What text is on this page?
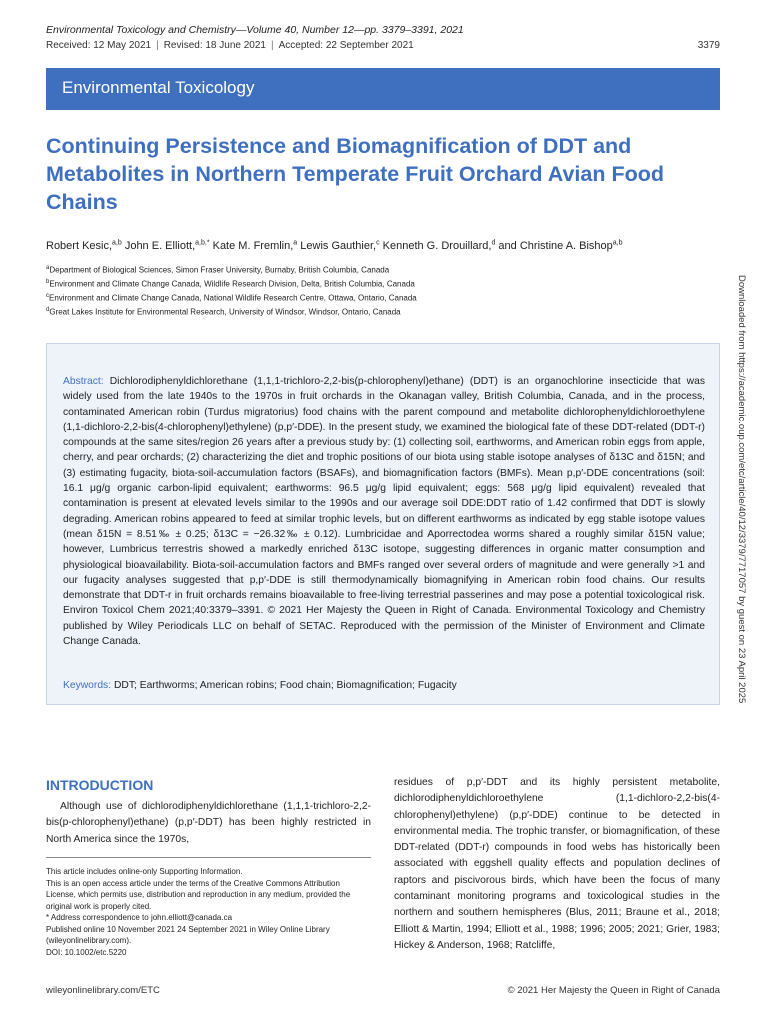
Environmental Toxicology and Chemistry—Volume 40, Number 12—pp. 3379–3391, 2021
Received: 12 May 2021 | Revised: 18 June 2021 | Accepted: 22 September 2021	3379
Environmental Toxicology
Continuing Persistence and Biomagnification of DDT and Metabolites in Northern Temperate Fruit Orchard Avian Food Chains
Robert Kesic,$^{a,b}$ John E. Elliott,$^{a,b,*}$ Kate M. Fremlin,$^a$ Lewis Gauthier,$^c$ Kenneth G. Drouillard,$^d$ and Christine A. Bishop$^{a,b}$
$^a$Department of Biological Sciences, Simon Fraser University, Burnaby, British Columbia, Canada
$^b$Environment and Climate Change Canada, Wildlife Research Division, Delta, British Columbia, Canada
$^c$Environment and Climate Change Canada, National Wildlife Research Centre, Ottawa, Ontario, Canada
$^d$Great Lakes Institute for Environmental Research, University of Windsor, Windsor, Ontario, Canada	Downloaded from https://academic.oup.com/etc/article/40/12/3379/7717057 by guest on 23 April 2025
Abstract: Dichlorodiphenyldichlorethane (1,1,1-trichloro-2,2-bis(p-chlorophenyl)ethane) (DDT) is an organochlorine insecticide that was widely used from the late 1940s to the 1970s in fruit orchards in the Okanagan valley, British Columbia, Canada, and in the process, contaminated American robin (Turdus migratorius) food chains with the parent compound and metabolite dichlorophenyldichloroethylene (1,1-dichloro-2,2-bis(4-chlorophenyl)ethylene) (p,p′-DDE). In the present study, we examined the biological fate of these DDT-related (DDT-r) compounds at the same sites/region 26 years after a previous study by: (1) collecting soil, earthworms, and American robin eggs from apple, cherry, and pear orchards; (2) characterizing the diet and trophic positions of our biota using stable isotope analyses of δ13C and δ15N; and (3) estimating fugacity, biota-soil-accumulation factors (BSAFs), and biomagnification factors (BMFs). Mean p,p′-DDE concentrations (soil: 16.1 μg/g organic carbon-lipid equivalent; earthworms: 96.5 μg/g lipid equivalent; eggs: 568 μg/g lipid equivalent) revealed that contamination is present at elevated levels similar to the 1990s and our average soil DDE:DDT ratio of 1.42 confirmed that DDT is slowly degrading. American robins appeared to feed at similar trophic levels, but on different earthworms as indicated by egg stable isotope values (mean δ15N = 8.51‰ ± 0.25; δ13C = −26.32‰ ± 0.12). Lumbricidae and Aporrectodea worms shared a roughly similar δ15N value; however, Lumbricus terrestris showed a markedly enriched δ13C isotope, suggesting differences in organic matter consumption and physiological bioavailability. Biota-soil-accumulation factors and BMFs ranged over several orders of magnitude and were generally >1 and our fugacity analyses suggested that p,p′-DDE is still thermodynamically biomagnifying in American robin food chains. Our results demonstrate that DDT-r in fruit orchards remains bioavailable to free-living terrestrial passerines and may pose a potential toxicological risk. Environ Toxicol Chem 2021;40:3379–3391. © 2021 Her Majesty the Queen in Right of Canada. Environmental Toxicology and Chemistry published by Wiley Periodicals LLC on behalf of SETAC. Reproduced with the permission of the Minister of Environment and Climate Change Canada.
Keywords: DDT; Earthworms; American robins; Food chain; Biomagnification; Fugacity
INTRODUCTION
Although use of dichlorodiphenyldichlorethane (1,1,1-trichloro-2,2-bis(p-chlorophenyl)ethane) (p,p′-DDT) has been highly restricted in North America since the 1970s,
residues of p,p′-DDT and its highly persistent metabolite, dichlorodiphenyldichloroethylene (1,1-dichloro-2,2-bis(4-chlorophenyl)ethylene) (p,p′-DDE) continue to be detected in environmental media. The trophic transfer, or biomagnification, of these DDT-related (DDT-r) compounds in food webs has historically been associated with eggshell quality effects and population declines of raptors and piscivorous birds, which have been the focus of many contaminant monitoring programs and toxicological studies in the northern and southern hemispheres (Blus, 2011; Braune et al., 2018; Elliott & Martin, 1994; Elliott et al., 1988; 1996; 2005; 2021; Grier, 1983; Hickey & Anderson, 1968; Ratcliffe,
This article includes online-only Supporting Information.
This is an open access article under the terms of the Creative Commons Attribution License, which permits use, distribution and reproduction in any medium, provided the original work is properly cited.
* Address correspondence to john.elliott@canada.ca
Published online 10 November 2021 24 September 2021 in Wiley Online Library (wileyonlinelibrary.com).
DOI: 10.1002/etc.5220
wileyonlinelibrary.com/ETC	© 2021 Her Majesty the Queen in Right of Canada
